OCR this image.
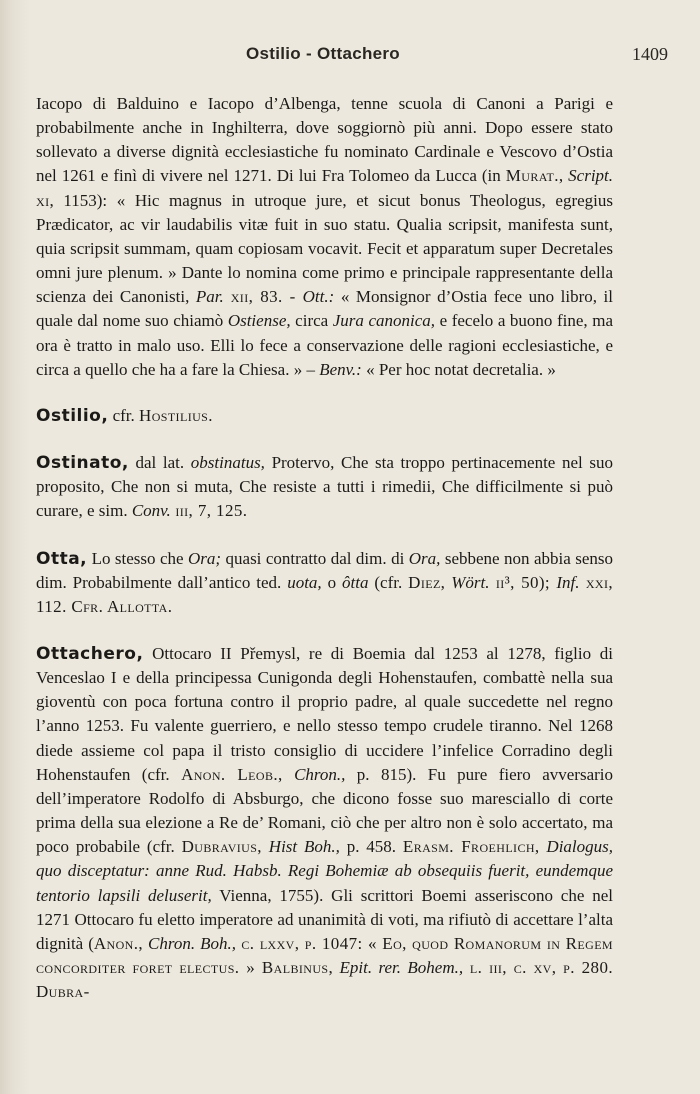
Ostilio - Ottachero	1409

Iacopo di Balduino e Iacopo d’Albenga, tenne scuola di Canoni a Parigi e probabilmente anche in Inghilterra, dove soggiornò più anni. Dopo essere stato sollevato a diverse dignità ecclesiastiche fu nominato Cardinale e Vescovo d’Ostia nel 1261 e finì di vivere nel 1271. Di lui Fra Tolomeo da Lucca (in Murat., Script. xi, 1153): « Hic magnus in utroque jure, et sicut bonus Theologus, egregius Prædicator, ac vir laudabilis vitæ fuit in suo statu. Qualia scripsit, manifesta sunt, quia scripsit summam, quam copiosam vocavit. Fecit et apparatum super Decretales omni jure plenum. » Dante lo nomina come primo e principale rappresentante della scienza dei Canonisti, Par. xii, 83. - Ott.: « Monsignor d’Ostia fece uno libro, il quale dal nome suo chiamò Ostiense, circa Jura canonica, e fecelo a buono fine, ma ora è tratto in malo uso. Elli lo fece a conservazione delle ragioni ecclesiastiche, e circa a quello che ha a fare la Chiesa. » – Benv.: « Per hoc notat decretalia. »

Ostilio, cfr. Hostilius.

Ostinato, dal lat. obstinatus, Protervo, Che sta troppo pertinacemente nel suo proposito, Che non si muta, Che resiste a tutti i rimedii, Che difficilmente si può curare, e sim. Conv. iii, 7, 125.

Otta, Lo stesso che Ora; quasi contratto dal dim. di Ora, sebbene non abbia senso dim. Probabilmente dall’antico ted. uota, o ôtta (cfr. Diez, Wört. ii³, 50); Inf. xxi, 112. Cfr. Allotta.

Ottachero, Ottocaro II Přemysl, re di Boemia dal 1253 al 1278, figlio di Venceslao I e della principessa Cunigonda degli Hohenstaufen, combattè nella sua gioventù con poca fortuna contro il proprio padre, al quale succedette nel regno l’anno 1253. Fu valente guerriero, e nello stesso tempo crudele tiranno. Nel 1268 diede assieme col papa il tristo consiglio di uccidere l’infelice Corradino degli Hohenstaufen (cfr. Anon. Leob., Chron., p. 815). Fu pure fiero avversario dell’imperatore Rodolfo di Absburgo, che dicono fosse suo maresciallo di corte prima della sua elezione a Re de’ Romani, ciò che per altro non è solo accertato, ma poco probabile (cfr. Dubravius, Hist Boh., p. 458. Erasm. Froehlich, Dialogus, quo disceptatur: anne Rud. Habsb. Regi Bohemiæ ab obsequiis fuerit, eundemque tentorio lapsili deluserit, Vienna, 1755). Gli scrittori Boemi asseriscono che nel 1271 Ottocaro fu eletto imperatore ad unanimità di voti, ma rifiutò di accettare l’alta dignità (Anon., Chron. Boh., c. lxxv, p. 1047: « Eo, quod Romanorum in Regem concorditer foret electus. » Balbinus, Epit. rer. Bohem., l. iii, c. xv, p. 280. Dubra-
